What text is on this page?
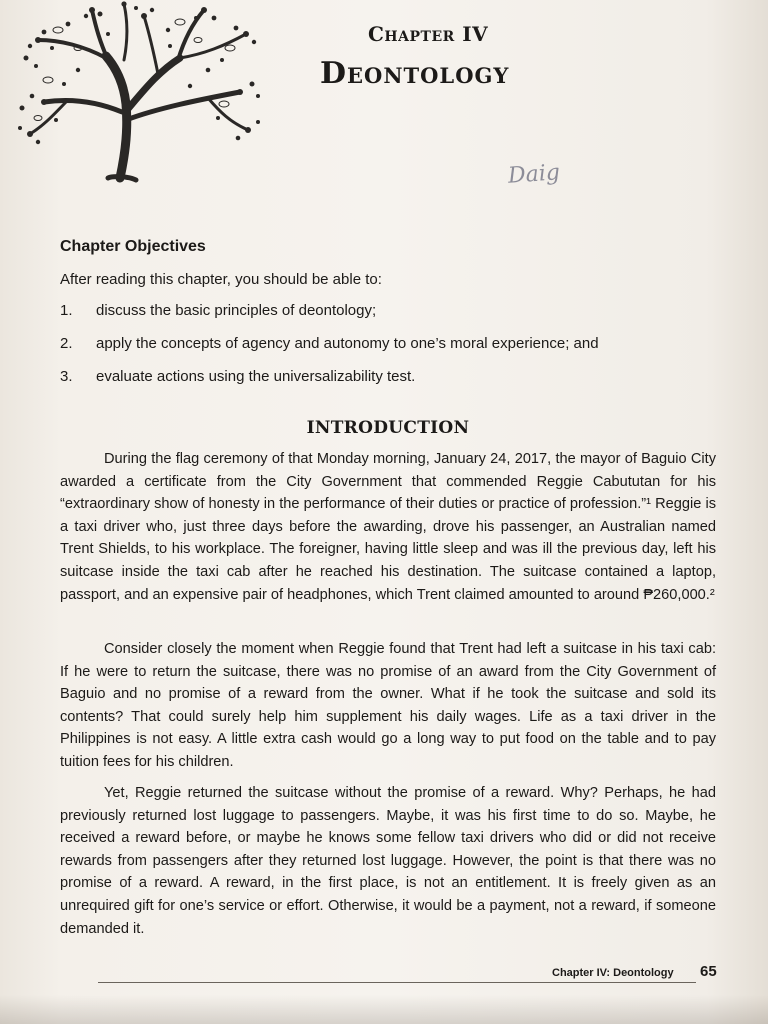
Chapter IV
Deontology
Daig
Chapter Objectives
After reading this chapter, you should be able to:
1. discuss the basic principles of deontology;
2. apply the concepts of agency and autonomy to one’s moral experience; and
3. evaluate actions using the universalizability test.
INTRODUCTION
During the flag ceremony of that Monday morning, January 24, 2017, the mayor of Baguio City awarded a certificate from the City Government that commended Reggie Cabututan for his “extraordinary show of honesty in the performance of their duties or practice of profession.”¹ Reggie is a taxi driver who, just three days before the awarding, drove his passenger, an Australian named Trent Shields, to his workplace. The foreigner, having little sleep and was ill the previous day, left his suitcase inside the taxi cab after he reached his destination. The suitcase contained a laptop, passport, and an expensive pair of headphones, which Trent claimed amounted to around ₱260,000.²
Consider closely the moment when Reggie found that Trent had left a suitcase in his taxi cab: If he were to return the suitcase, there was no promise of an award from the City Government of Baguio and no promise of a reward from the owner. What if he took the suitcase and sold its contents? That could surely help him supplement his daily wages. Life as a taxi driver in the Philippines is not easy. A little extra cash would go a long way to put food on the table and to pay tuition fees for his children.
Yet, Reggie returned the suitcase without the promise of a reward. Why? Perhaps, he had previously returned lost luggage to passengers. Maybe, it was his first time to do so. Maybe, he received a reward before, or maybe he knows some fellow taxi drivers who did or did not receive rewards from passengers after they returned lost luggage. However, the point is that there was no promise of a reward. A reward, in the first place, is not an entitlement. It is freely given as an unrequired gift for one’s service or effort. Otherwise, it would be a payment, not a reward, if someone demanded it.
Chapter IV: Deontology 65
